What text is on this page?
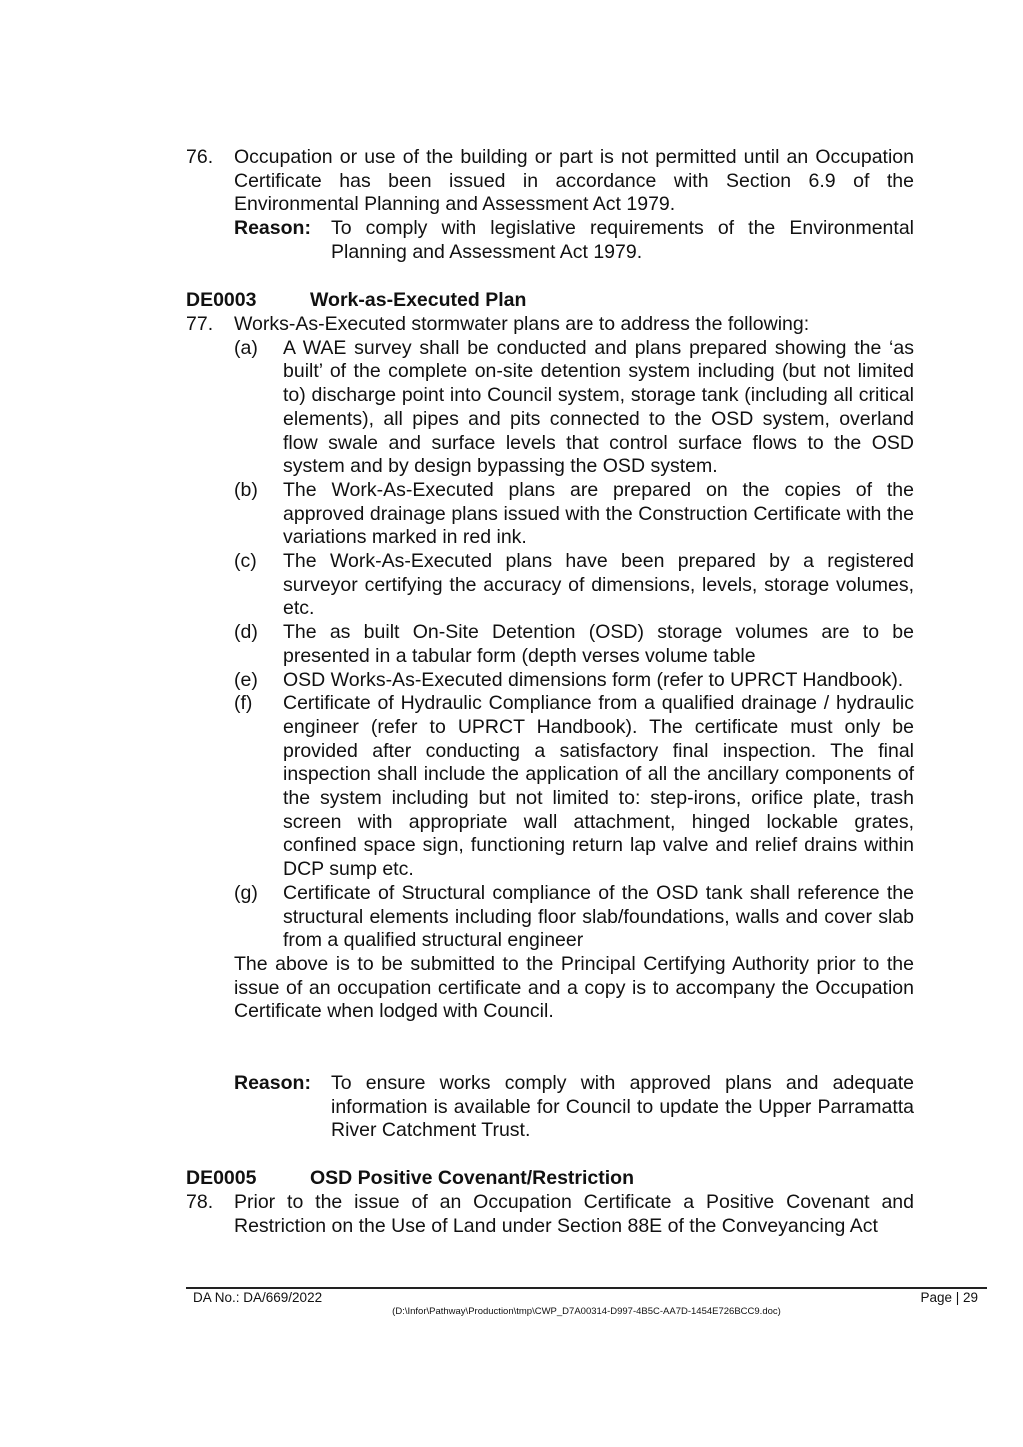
76. Occupation or use of the building or part is not permitted until an Occupation Certificate has been issued in accordance with Section 6.9 of the Environmental Planning and Assessment Act 1979.
Reason:	To comply with legislative requirements of the Environmental Planning and Assessment Act 1979.
DE0003	Work-as-Executed Plan
77. Works-As-Executed stormwater plans are to address the following:
(a)	A WAE survey shall be conducted and plans prepared showing the ‘as built’ of the complete on-site detention system including (but not limited to) discharge point into Council system, storage tank (including all critical elements), all pipes and pits connected to the OSD system, overland flow swale and surface levels that control surface flows to the OSD system and by design bypassing the OSD system.
(b)	The Work-As-Executed plans are prepared on the copies of the approved drainage plans issued with the Construction Certificate with the variations marked in red ink.
(c)	The Work-As-Executed plans have been prepared by a registered surveyor certifying the accuracy of dimensions, levels, storage volumes, etc.
(d)	The as built On-Site Detention (OSD) storage volumes are to be presented in a tabular form (depth verses volume table
(e)	OSD Works-As-Executed dimensions form (refer to UPRCT Handbook).
(f)	Certificate of Hydraulic Compliance from a qualified drainage / hydraulic engineer (refer to UPRCT Handbook). The certificate must only be provided after conducting a satisfactory final inspection. The final inspection shall include the application of all the ancillary components of the system including but not limited to: step-irons, orifice plate, trash screen with appropriate wall attachment, hinged lockable grates, confined space sign, functioning return lap valve and relief drains within DCP sump etc.
(g)	Certificate of Structural compliance of the OSD tank shall reference the structural elements including floor slab/foundations, walls and cover slab from a qualified structural engineer
The above is to be submitted to the Principal Certifying Authority prior to the issue of an occupation certificate and a copy is to accompany the Occupation Certificate when lodged with Council.
Reason:	To ensure works comply with approved plans and adequate information is available for Council to update the Upper Parramatta River Catchment Trust.
DE0005	OSD Positive Covenant/Restriction
78. Prior to the issue of an Occupation Certificate a Positive Covenant and Restriction on the Use of Land under Section 88E of the Conveyancing Act
DA No.: DA/669/2022	Page | 29
(D:\Infor\Pathway\Production\tmp\CWP_D7A00314-D997-4B5C-AA7D-1454E726BCC9.doc)
